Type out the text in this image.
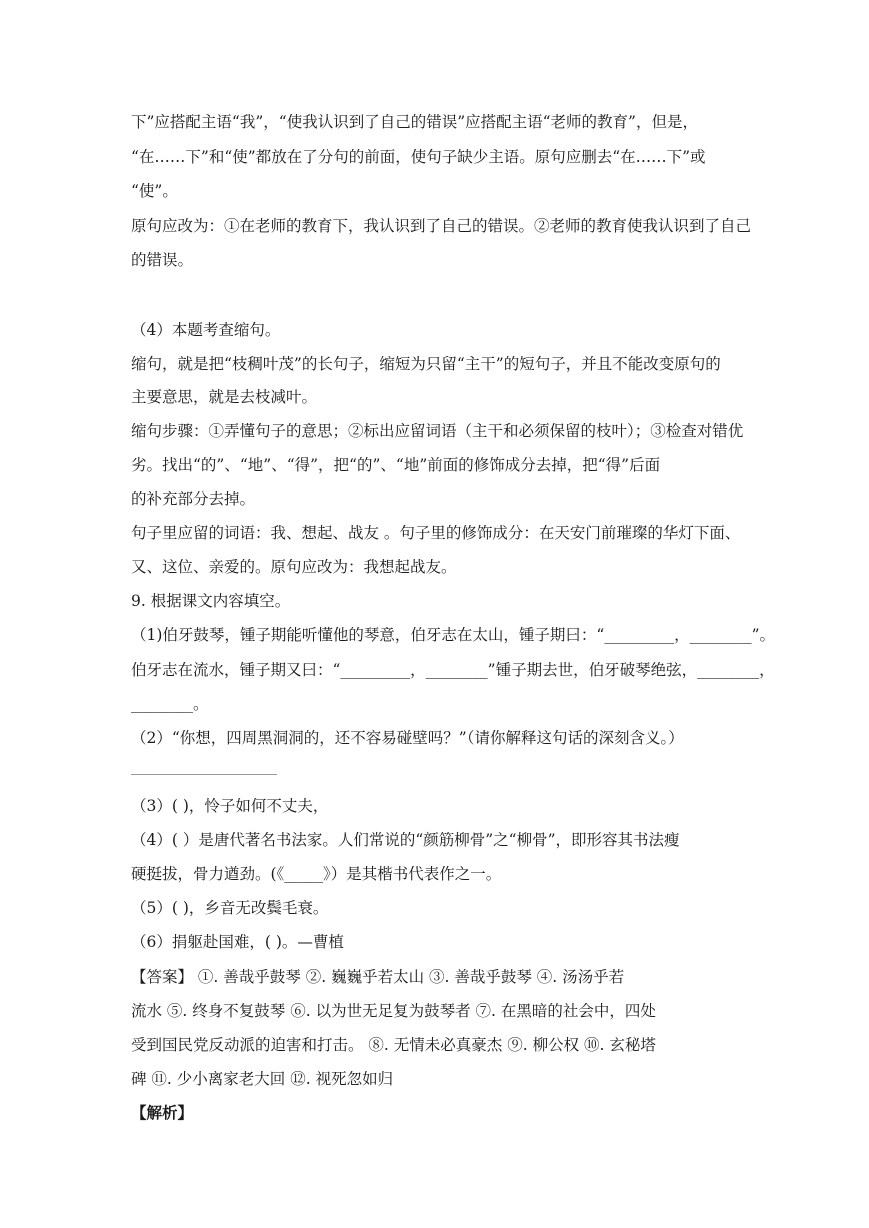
下”应搭配主语“我”，“使我认识到了自己的错误”应搭配主语“老师的教育”，但是，
“在……下”和“使”都放在了分句的前面，使句子缺少主语。原句应删去“在……下”或
“使”。
原句应改为：①在老师的教育下，我认识到了自己的错误。②老师的教育使我认识到了自己
的错误。
（4）本题考查缩句。
缩句，就是把“枝稠叶茂”的长句子，缩短为只留“主干”的短句子，并且不能改变原句的
主要意思，就是去枝减叶。
缩句步骤：①弄懂句子的意思；②标出应留词语（主干和必须保留的枝叶）；③检查对错优
劣。找出“的”、“地”、“得”，把“的”、“地”前面的修饰成分去掉，把“得”后面
的补充部分去掉。
句子里应留的词语：我、想起、战友 。句子里的修饰成分：在天安门前璀璨的华灯下面、
又、这位、亲爱的。原句应改为：我想起战友。
9. 根据课文内容填空。
（1)伯牙鼓琴，锺子期能听懂他的琴意，伯牙志在太山，锺子期曰：“_________，________”。
伯牙志在流水，锺子期又曰：“_________，________”锺子期去世，伯牙破琴绝弦，________，
________。
（2）“你想，四周黑洞洞的，还不容易碰壁吗？”（请你解释这句话的深刻含义。）
（3）( )，怜子如何不丈夫，
（4）( ）是唐代著名书法家。人们常说的“颜筋柳骨”之“柳骨”，即形容其书法瘦
硬挺拔，骨力遒劲。(《_____》）是其楷书代表作之一。
（5）( )，乡音无改鬓毛衰。
（6）捐躯赴国难，( )。—曹植
【答案】 ①. 善哉乎鼓琴 ②. 巍巍乎若太山 ③. 善哉乎鼓琴 ④. 汤汤乎若
流水 ⑤. 终身不复鼓琴 ⑥. 以为世无足复为鼓琴者 ⑦. 在黑暗的社会中，四处
受到国民党反动派的迫害和打击。 ⑧. 无情未必真豪杰 ⑨. 柳公权 ⑩. 玄秘塔
碑 ⑪. 少小离家老大回 ⑫. 视死忽如归
【解析】
